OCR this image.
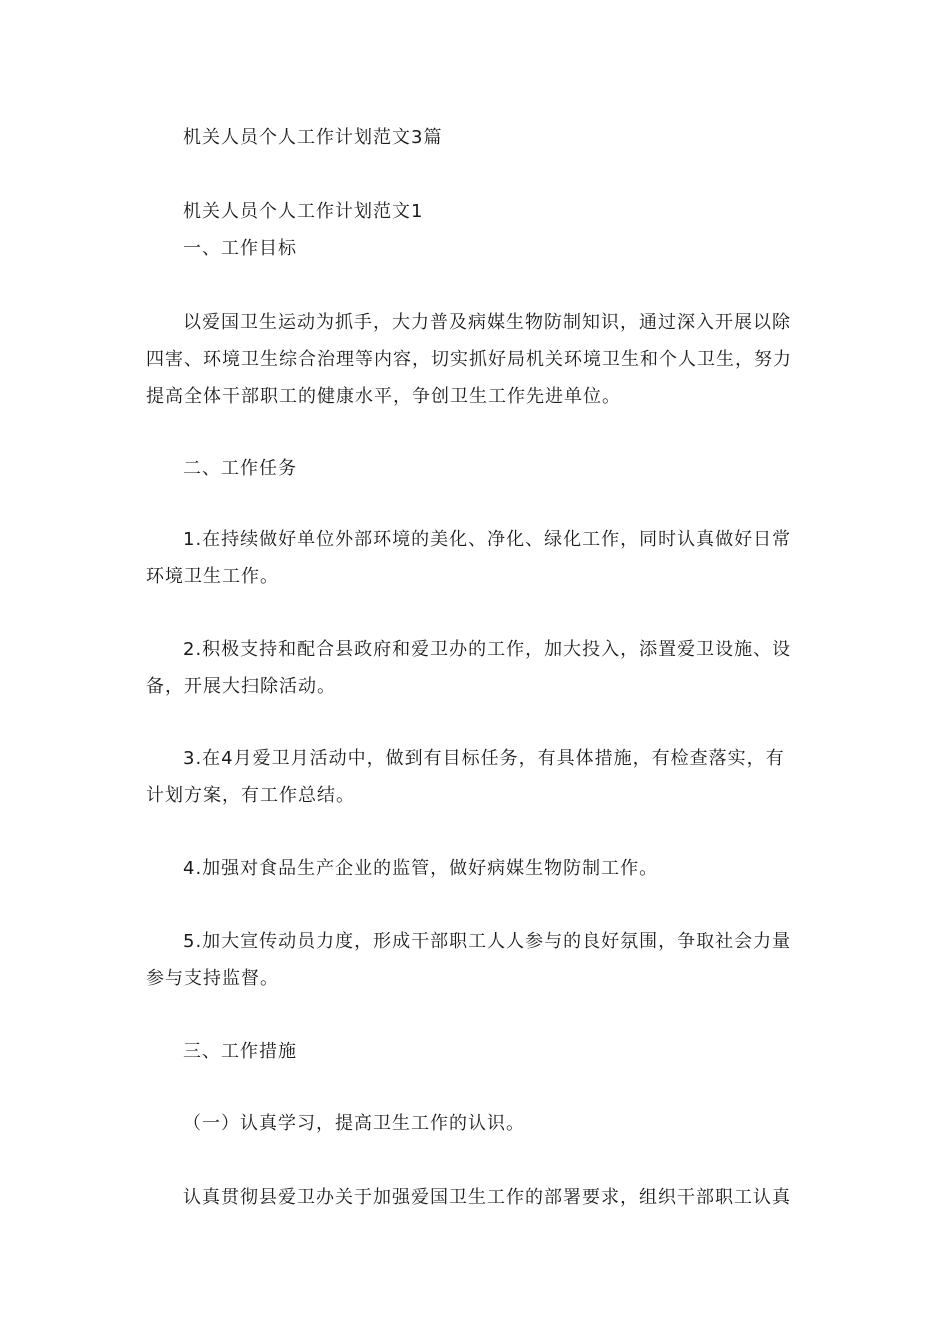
机关人员个人工作计划范文3篇
机关人员个人工作计划范文1
一、工作目标
以爱国卫生运动为抓手，大力普及病媒生物防制知识，通过深入开展以除
四害、环境卫生综合治理等内容，切实抓好局机关环境卫生和个人卫生，努力
提高全体干部职工的健康水平，争创卫生工作先进单位。
二、工作任务
1.在持续做好单位外部环境的美化、净化、绿化工作，同时认真做好日常
环境卫生工作。
2.积极支持和配合县政府和爱卫办的工作，加大投入，添置爱卫设施、设
备，开展大扫除活动。
3.在4月爱卫月活动中，做到有目标任务，有具体措施，有检查落实，有
计划方案，有工作总结。
4.加强对食品生产企业的监管，做好病媒生物防制工作。
5.加大宣传动员力度，形成干部职工人人参与的良好氛围，争取社会力量
参与支持监督。
三、工作措施
（一）认真学习，提高卫生工作的认识。
认真贯彻县爱卫办关于加强爱国卫生工作的部署要求，组织干部职工认真
